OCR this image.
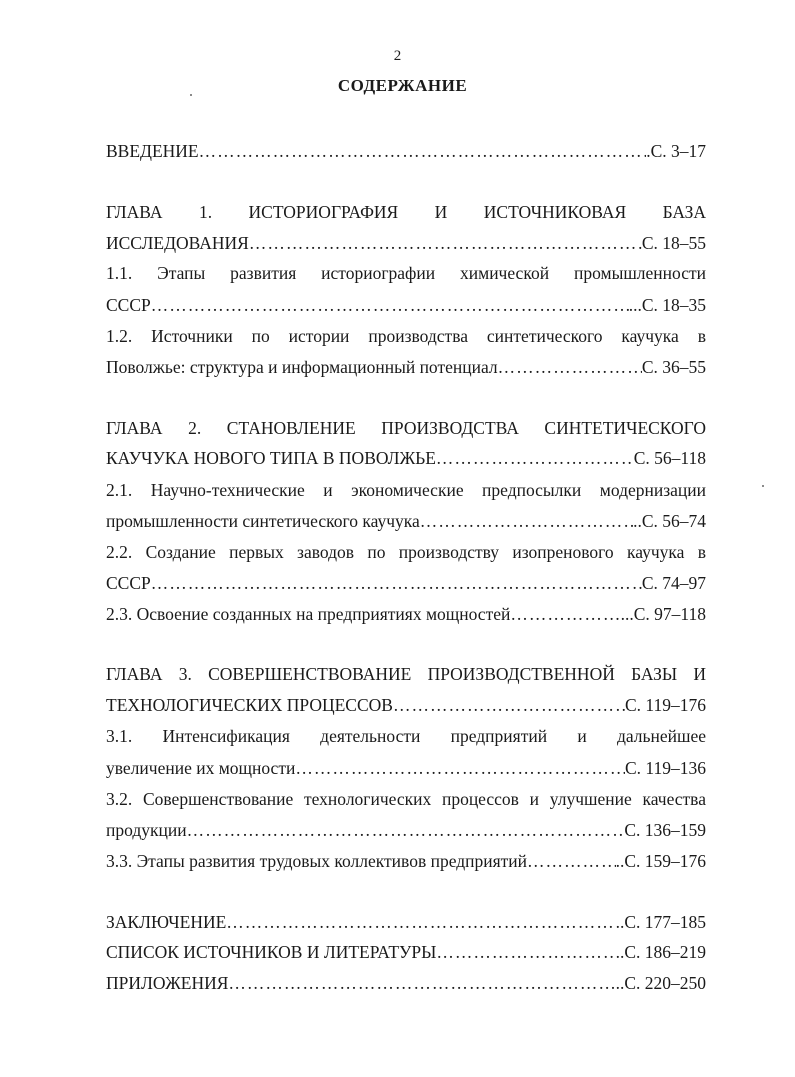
2
СОДЕРЖАНИЕ
ВВЕДЕНИЕ …………………………………………………………………………………………………………………………………………………………………	.С. 3–17
ГЛАВА 1. ИСТОРИОГРАФИЯ И ИСТОЧНИКОВАЯ БАЗА
ИССЛЕДОВАНИЯ …………………………………………………………………………………………………………………………………………………………………	С. 18–55
1.1. Этапы развития историографии химической промышленности
СССР …………………………………………………………………………………………………………………………………………………………………	...С. 18–35
1.2. Источники по истории производства синтетического каучука в
Поволжье: структура и информационный потенциал …………………………………………………………………………………………………………………………………………………………………	С. 36–55
ГЛАВА 2. СТАНОВЛЕНИЕ ПРОИЗВОДСТВА СИНТЕТИЧЕСКОГО
КАУЧУКА НОВОГО ТИПА В ПОВОЛЖЬЕ …………………………………………………………………………………………………………………………………………………………………	С. 56–118
2.1. Научно-технические и экономические предпосылки модернизации
промышленности синтетического каучука …………………………………………………………………………………………………………………………………………………………………	..С. 56–74
2.2. Создание первых заводов по производству изопренового каучука в
СССР …………………………………………………………………………………………………………………………………………………………………	С. 74–97
2.3. Освоение созданных на предприятиях мощностей …………………………………………………………………………………………………………………………………………………………………	...С. 97–118
ГЛАВА 3. СОВЕРШЕНСТВОВАНИЕ ПРОИЗВОДСТВЕННОЙ БАЗЫ И
ТЕХНОЛОГИЧЕСКИХ ПРОЦЕССОВ …………………………………………………………………………………………………………………………………………………………………	С. 119–176
3.1. Интенсификация деятельности предприятий и дальнейшее
увеличение их мощности …………………………………………………………………………………………………………………………………………………………………	С. 119–136
3.2. Совершенствование технологических процессов и улучшение качества
продукции …………………………………………………………………………………………………………………………………………………………………	С. 136–159
3.3. Этапы развития трудовых коллективов предприятий …………………………………………………………………………………………………………………………………………………………………	..С. 159–176
ЗАКЛЮЧЕНИЕ …………………………………………………………………………………………………………………………………………………………………	..С. 177–185
СПИСОК ИСТОЧНИКОВ И ЛИТЕРАТУРЫ …………………………………………………………………………………………………………………………………………………………………	..С. 186–219
ПРИЛОЖЕНИЯ …………………………………………………………………………………………………………………………………………………………………	..С. 220–250
